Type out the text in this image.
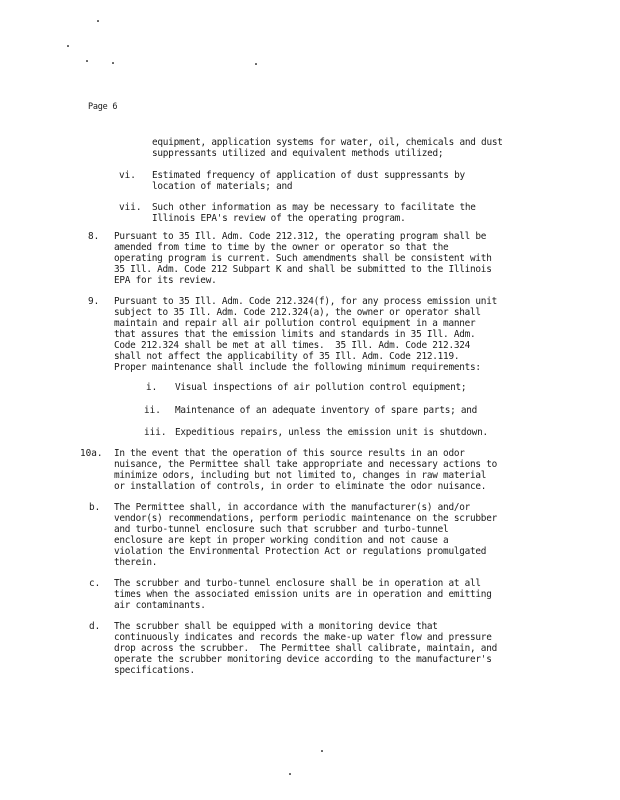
Page 6
equipment, application systems for water, oil, chemicals and dust
suppressants utilized and equivalent methods utilized;
vi. Estimated frequency of application of dust suppressants by
location of materials; and
vii. Such other information as may be necessary to facilitate the
Illinois EPA's review of the operating program.
8. Pursuant to 35 Ill. Adm. Code 212.312, the operating program shall be
amended from time to time by the owner or operator so that the
operating program is current. Such amendments shall be consistent with
35 Ill. Adm. Code 212 Subpart K and shall be submitted to the Illinois
EPA for its review.
9. Pursuant to 35 Ill. Adm. Code 212.324(f), for any process emission unit
subject to 35 Ill. Adm. Code 212.324(a), the owner or operator shall
maintain and repair all air pollution control equipment in a manner
that assures that the emission limits and standards in 35 Ill. Adm.
Code 212.324 shall be met at all times.  35 Ill. Adm. Code 212.324
shall not affect the applicability of 35 Ill. Adm. Code 212.119.
Proper maintenance shall include the following minimum requirements:
i. Visual inspections of air pollution control equipment;
ii. Maintenance of an adequate inventory of spare parts; and
iii. Expeditious repairs, unless the emission unit is shutdown.
10a. In the event that the operation of this source results in an odor
nuisance, the Permittee shall take appropriate and necessary actions to
minimize odors, including but not limited to, changes in raw material
or installation of controls, in order to eliminate the odor nuisance.
b. The Permittee shall, in accordance with the manufacturer(s) and/or
vendor(s) recommendations, perform periodic maintenance on the scrubber
and turbo-tunnel enclosure such that scrubber and turbo-tunnel
enclosure are kept in proper working condition and not cause a
violation the Environmental Protection Act or regulations promulgated
therein.
c. The scrubber and turbo-tunnel enclosure shall be in operation at all
times when the associated emission units are in operation and emitting
air contaminants.
d. The scrubber shall be equipped with a monitoring device that
continuously indicates and records the make-up water flow and pressure
drop across the scrubber.  The Permittee shall calibrate, maintain, and
operate the scrubber monitoring device according to the manufacturer's
specifications.
